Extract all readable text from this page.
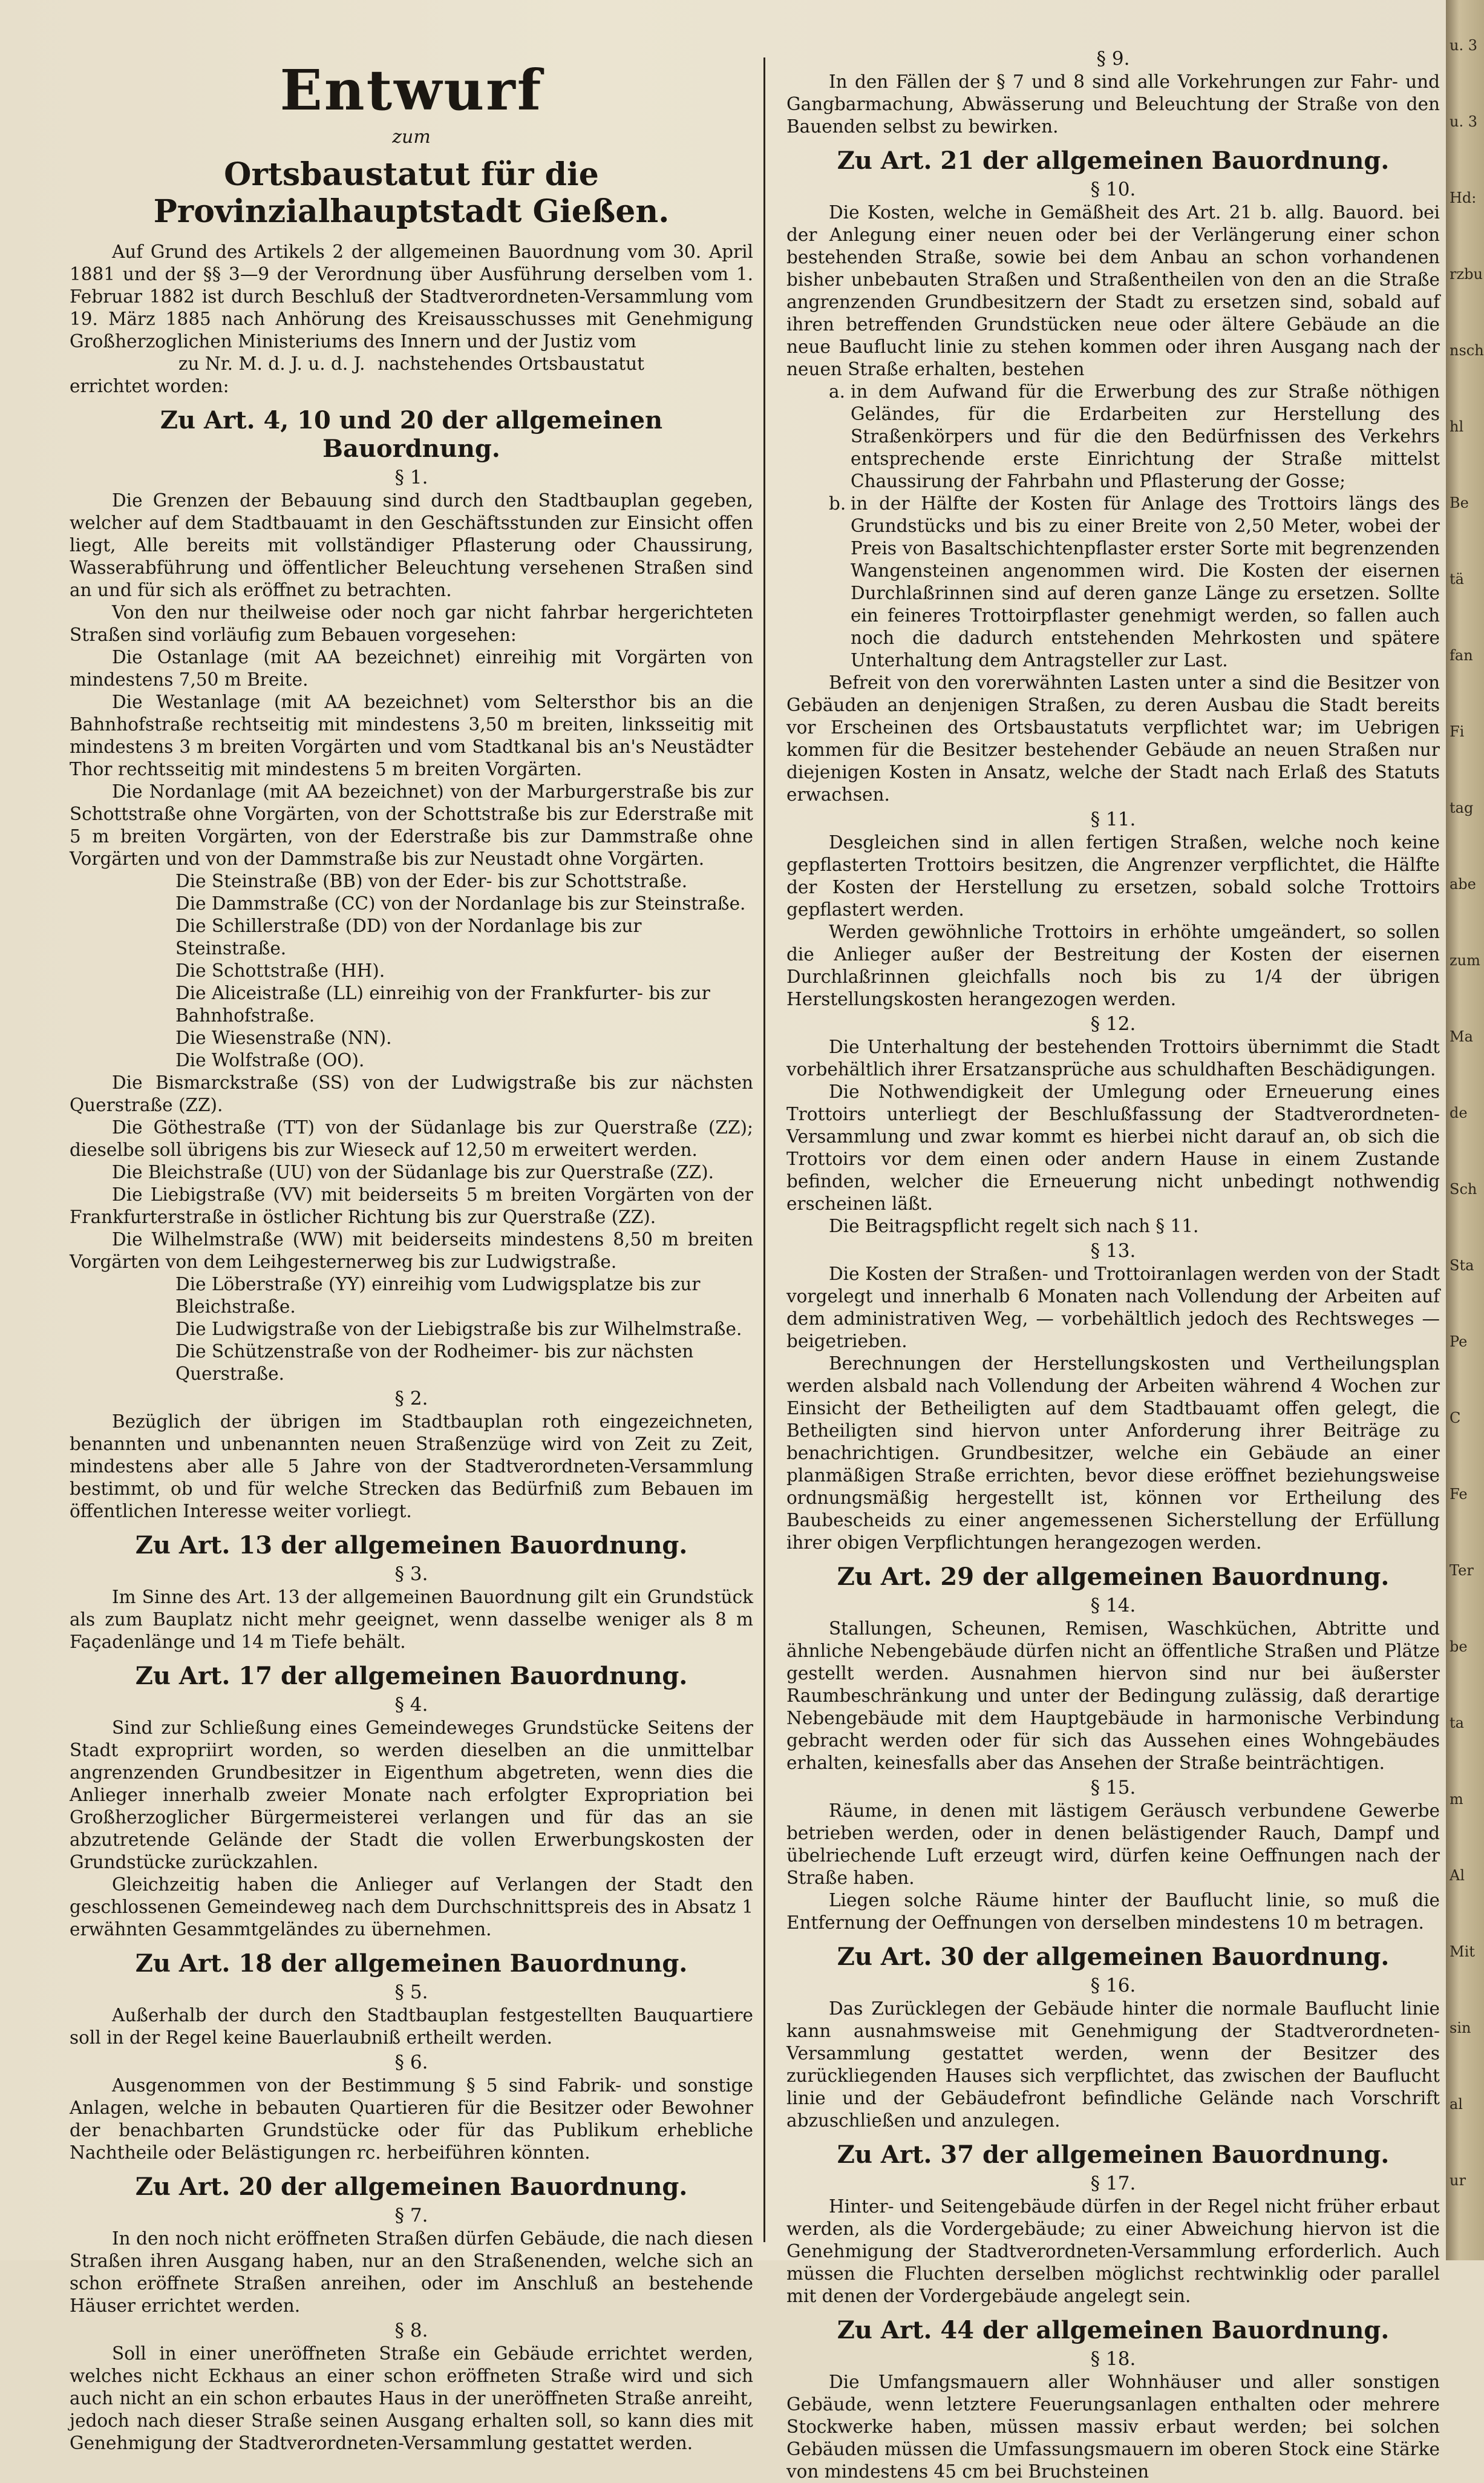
Entwurf
zum
Ortsbaustatut für die Provinzialhauptstadt Gießen.

Auf Grund des Artikels 2 der allgemeinen Bauordnung vom 30. April 1881 und der §§ 3—9 der Verordnung über Ausführung derselben vom 1. Februar 1882 ist durch Beschluß der Stadtverordneten-Versammlung vom 19. März 1885 nach Anhörung des Kreisausschusses mit Genehmigung Großherzoglichen Ministeriums des Innern und der Justiz vom

zu Nr. M. d. J. u. d. J. nachstehendes Ortsbaustatut

errichtet worden:

Zu Art. 4, 10 und 20 der allgemeinen Bauordnung.
§ 1.

Die Grenzen der Bebauung sind durch den Stadtbauplan gegeben, welcher auf dem Stadtbauamt in den Geschäftsstunden zur Einsicht offen liegt, Alle bereits mit vollständiger Pflasterung oder Chaussirung, Wasserabführung und öffentlicher Beleuchtung versehenen Straßen sind an und für sich als eröffnet zu betrachten.

Von den nur theilweise oder noch gar nicht fahrbar hergerichteten Straßen sind vorläufig zum Bebauen vorgesehen:

Die Ostanlage (mit AA bezeichnet) einreihig mit Vorgärten von mindestens 7,50 m Breite.

Die Westanlage (mit AA bezeichnet) vom Seltersthor bis an die Bahnhofstraße rechtseitig mit mindestens 3,50 m breiten, linksseitig mit mindestens 3 m breiten Vorgärten und vom Stadtkanal bis an's Neustädter Thor rechtsseitig mit mindestens 5 m breiten Vorgärten.

Die Nordanlage (mit AA bezeichnet) von der Marburgerstraße bis zur Schottstraße ohne Vorgärten, von der Schottstraße bis zur Ederstraße mit 5 m breiten Vorgärten, von der Ederstraße bis zur Dammstraße ohne Vorgärten und von der Dammstraße bis zur Neustadt ohne Vorgärten.

Die Steinstraße (BB) von der Eder- bis zur Schottstraße.

Die Dammstraße (CC) von der Nordanlage bis zur Steinstraße.

Die Schillerstraße (DD) von der Nordanlage bis zur Steinstraße.

Die Schottstraße (HH).

Die Aliceistraße (LL) einreihig von der Frankfurter- bis zur Bahnhofstraße.

Die Wiesenstraße (NN).

Die Wolfstraße (OO).

Die Bismarckstraße (SS) von der Ludwigstraße bis zur nächsten Querstraße (ZZ).

Die Göthestraße (TT) von der Südanlage bis zur Querstraße (ZZ); dieselbe soll übrigens bis zur Wieseck auf 12,50 m erweitert werden.

Die Bleichstraße (UU) von der Südanlage bis zur Querstraße (ZZ).

Die Liebigstraße (VV) mit beiderseits 5 m breiten Vorgärten von der Frankfurterstraße in östlicher Richtung bis zur Querstraße (ZZ).

Die Wilhelmstraße (WW) mit beiderseits mindestens 8,50 m breiten Vorgärten von dem Leihgesternerweg bis zur Ludwigstraße.

Die Löberstraße (YY) einreihig vom Ludwigsplatze bis zur Bleichstraße.

Die Ludwigstraße von der Liebigstraße bis zur Wilhelmstraße.

Die Schützenstraße von der Rodheimer- bis zur nächsten Querstraße.

§ 2.

Bezüglich der übrigen im Stadtbauplan roth eingezeichneten, benannten und unbenannten neuen Straßenzüge wird von Zeit zu Zeit, mindestens aber alle 5 Jahre von der Stadtverordneten-Versammlung bestimmt, ob und für welche Strecken das Bedürfniß zum Bebauen im öffentlichen Interesse weiter vorliegt.

Zu Art. 13 der allgemeinen Bauordnung.
§ 3.

Im Sinne des Art. 13 der allgemeinen Bauordnung gilt ein Grundstück als zum Bauplatz nicht mehr geeignet, wenn dasselbe weniger als 8 m Façadenlänge und 14 m Tiefe behält.

Zu Art. 17 der allgemeinen Bauordnung.
§ 4.

Sind zur Schließung eines Gemeindeweges Grundstücke Seitens der Stadt expropriirt worden, so werden dieselben an die unmittelbar angrenzenden Grundbesitzer in Eigenthum abgetreten, wenn dies die Anlieger innerhalb zweier Monate nach erfolgter Expropriation bei Großherzoglicher Bürgermeisterei verlangen und für das an sie abzutretende Gelände der Stadt die vollen Erwerbungskosten der Grundstücke zurückzahlen.

Gleichzeitig haben die Anlieger auf Verlangen der Stadt den geschlossenen Gemeindeweg nach dem Durchschnittspreis des in Absatz 1 erwähnten Gesammtgeländes zu übernehmen.

Zu Art. 18 der allgemeinen Bauordnung.
§ 5.

Außerhalb der durch den Stadtbauplan festgestellten Bauquartiere soll in der Regel keine Bauerlaubniß ertheilt werden.

§ 6.

Ausgenommen von der Bestimmung § 5 sind Fabrik- und sonstige Anlagen, welche in bebauten Quartieren für die Besitzer oder Bewohner der benachbarten Grundstücke oder für das Publikum erhebliche Nachtheile oder Belästigungen rc. herbeiführen könnten.

Zu Art. 20 der allgemeinen Bauordnung.
§ 7.

In den noch nicht eröffneten Straßen dürfen Gebäude, die nach diesen Straßen ihren Ausgang haben, nur an den Straßenenden, welche sich an schon eröffnete Straßen anreihen, oder im Anschluß an bestehende Häuser errichtet werden.

§ 8.

Soll in einer uneröffneten Straße ein Gebäude errichtet werden, welches nicht Eckhaus an einer schon eröffneten Straße wird und sich auch nicht an ein schon erbautes Haus in der uneröffneten Straße anreiht, jedoch nach dieser Straße seinen Ausgang erhalten soll, so kann dies mit Genehmigung der Stadtverordneten-Versammlung gestattet werden.

§ 9.

In den Fällen der § 7 und 8 sind alle Vorkehrungen zur Fahr- und Gangbarmachung, Abwässerung und Beleuchtung der Straße von den Bauenden selbst zu bewirken.

Zu Art. 21 der allgemeinen Bauordnung.
§ 10.

Die Kosten, welche in Gemäßheit des Art. 21 b. allg. Bauord. bei der Anlegung einer neuen oder bei der Verlängerung einer schon bestehenden Straße, sowie bei dem Anbau an schon vorhandenen bisher unbebauten Straßen und Straßentheilen von den an die Straße angrenzenden Grundbesitzern der Stadt zu ersetzen sind, sobald auf ihren betreffenden Grundstücken neue oder ältere Gebäude an die neue Bauflucht linie zu stehen kommen oder ihren Ausgang nach der neuen Straße erhalten, bestehen

a. in dem Aufwand für die Erwerbung des zur Straße nöthigen Geländes, für die Erdarbeiten zur Herstellung des Straßenkörpers und für die den Bedürfnissen des Verkehrs entsprechende erste Einrichtung der Straße mittelst Chaussirung der Fahrbahn und Pflasterung der Gosse;
b. in der Hälfte der Kosten für Anlage des Trottoirs längs des Grundstücks und bis zu einer Breite von 2,50 Meter, wobei der Preis von Basaltschichtenpflaster erster Sorte mit begrenzenden Wangensteinen angenommen wird. Die Kosten der eisernen Durchlaßrinnen sind auf deren ganze Länge zu ersetzen. Sollte ein feineres Trottoirpflaster genehmigt werden, so fallen auch noch die dadurch entstehenden Mehrkosten und spätere Unterhaltung dem Antragsteller zur Last.

Befreit von den vorerwähnten Lasten unter a sind die Besitzer von Gebäuden an denjenigen Straßen, zu deren Ausbau die Stadt bereits vor Erscheinen des Ortsbaustatuts verpflichtet war; im Uebrigen kommen für die Besitzer bestehender Gebäude an neuen Straßen nur diejenigen Kosten in Ansatz, welche der Stadt nach Erlaß des Statuts erwachsen.

§ 11.

Desgleichen sind in allen fertigen Straßen, welche noch keine gepflasterten Trottoirs besitzen, die Angrenzer verpflichtet, die Hälfte der Kosten der Herstellung zu ersetzen, sobald solche Trottoirs gepflastert werden.

Werden gewöhnliche Trottoirs in erhöhte umgeändert, so sollen die Anlieger außer der Bestreitung der Kosten der eisernen Durchlaßrinnen gleichfalls noch bis zu 1/4 der übrigen Herstellungskosten herangezogen werden.

§ 12.

Die Unterhaltung der bestehenden Trottoirs übernimmt die Stadt vorbehältlich ihrer Ersatzansprüche aus schuldhaften Beschädigungen.

Die Nothwendigkeit der Umlegung oder Erneuerung eines Trottoirs unterliegt der Beschlußfassung der Stadtverordneten-Versammlung und zwar kommt es hierbei nicht darauf an, ob sich die Trottoirs vor dem einen oder andern Hause in einem Zustande befinden, welcher die Erneuerung nicht unbedingt nothwendig erscheinen läßt.

Die Beitragspflicht regelt sich nach § 11.

§ 13.

Die Kosten der Straßen- und Trottoiranlagen werden von der Stadt vorgelegt und innerhalb 6 Monaten nach Vollendung der Arbeiten auf dem administrativen Weg, — vorbehältlich jedoch des Rechtsweges — beigetrieben.

Berechnungen der Herstellungskosten und Vertheilungsplan werden alsbald nach Vollendung der Arbeiten während 4 Wochen zur Einsicht der Betheiligten auf dem Stadtbauamt offen gelegt, die Betheiligten sind hiervon unter Anforderung ihrer Beiträge zu benachrichtigen. Grundbesitzer, welche ein Gebäude an einer planmäßigen Straße errichten, bevor diese eröffnet beziehungsweise ordnungsmäßig hergestellt ist, können vor Ertheilung des Baubescheids zu einer angemessenen Sicherstellung der Erfüllung ihrer obigen Verpflichtungen herangezogen werden.

Zu Art. 29 der allgemeinen Bauordnung.
§ 14.

Stallungen, Scheunen, Remisen, Waschküchen, Abtritte und ähnliche Nebengebäude dürfen nicht an öffentliche Straßen und Plätze gestellt werden. Ausnahmen hiervon sind nur bei äußerster Raumbeschränkung und unter der Bedingung zulässig, daß derartige Nebengebäude mit dem Hauptgebäude in harmonische Verbindung gebracht werden oder für sich das Aussehen eines Wohngebäudes erhalten, keinesfalls aber das Ansehen der Straße beinträchtigen.

§ 15.

Räume, in denen mit lästigem Geräusch verbundene Gewerbe betrieben werden, oder in denen belästigender Rauch, Dampf und übelriechende Luft erzeugt wird, dürfen keine Oeffnungen nach der Straße haben.

Liegen solche Räume hinter der Bauflucht linie, so muß die Entfernung der Oeffnungen von derselben mindestens 10 m betragen.

Zu Art. 30 der allgemeinen Bauordnung.
§ 16.

Das Zurücklegen der Gebäude hinter die normale Bauflucht linie kann ausnahmsweise mit Genehmigung der Stadtverordneten-Versammlung gestattet werden, wenn der Besitzer des zurückliegenden Hauses sich verpflichtet, das zwischen der Bauflucht linie und der Gebäudefront befindliche Gelände nach Vorschrift abzuschließen und anzulegen.

Zu Art. 37 der allgemeinen Bauordnung.
§ 17.

Hinter- und Seitengebäude dürfen in der Regel nicht früher erbaut werden, als die Vordergebäude; zu einer Abweichung hiervon ist die Genehmigung der Stadtverordneten-Versammlung erforderlich. Auch müssen die Fluchten derselben möglichst rechtwinklig oder parallel mit denen der Vordergebäude angelegt sein.

Zu Art. 44 der allgemeinen Bauordnung.
§ 18.

Die Umfangsmauern aller Wohnhäuser und aller sonstigen Gebäude, wenn letztere Feuerungsanlagen enthalten oder mehrere Stockwerke haben, müssen massiv erbaut werden; bei solchen Gebäuden müssen die Umfassungsmauern im oberen Stock eine Stärke von mindestens 45 cm bei Bruchsteinen

u. 3
u. 3
Hd:
rzbu
nsch
hl
Be
tä
fan
Fi
tag
abe
zum
Ma
de
Sch
Sta
Pe
C
Fe
Ter
be
ta
m
Al
Mit
sin
al
ur
